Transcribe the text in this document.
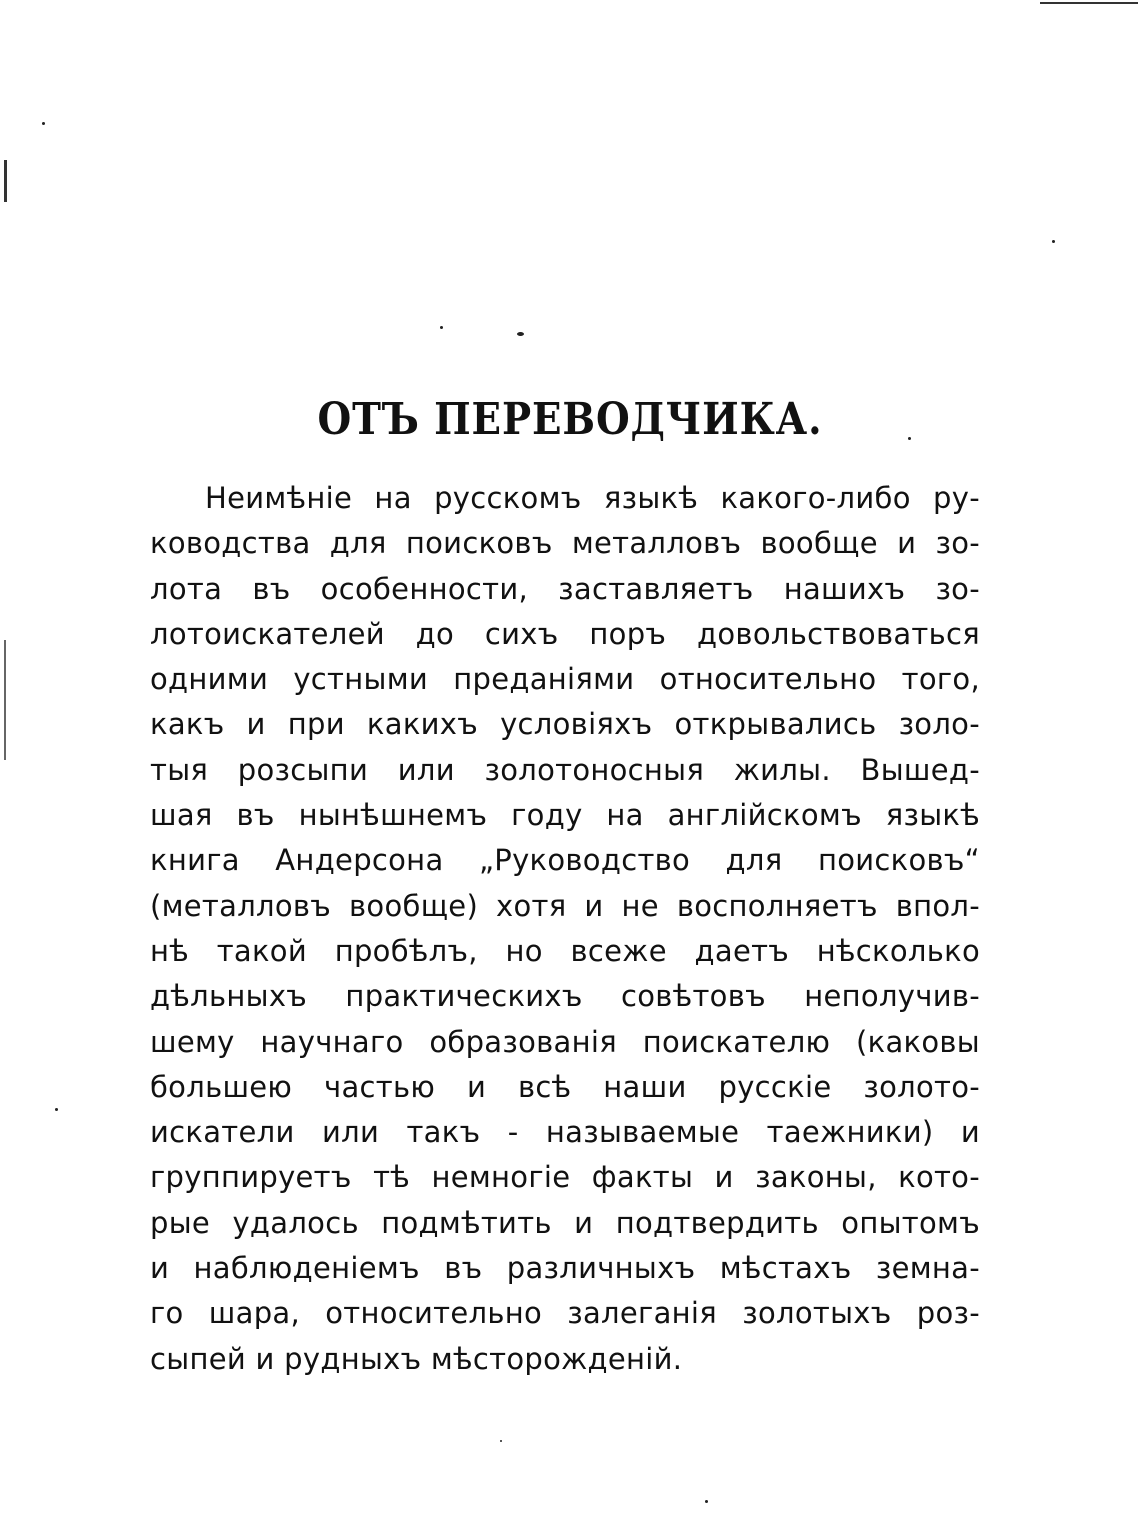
ОТЪ ПЕРЕВОДЧИКА.
Неимѣніе на русскомъ языкѣ какого-либо ру-
ководства для поисковъ металловъ вообще и зо-
лота въ особенности, заставляетъ нашихъ зо-
лотоискателей до сихъ поръ довольствоваться
одними устными преданіями относительно того,
какъ и при какихъ условіяхъ открывались золо-
тыя розсыпи или золотоносныя жилы. Вышед-
шая въ нынѣшнемъ году на англійскомъ языкѣ
книга Андерсона „Руководство для поисковъ“
(металловъ вообще) хотя и не восполняетъ впол-
нѣ такой пробѣлъ, но всеже даетъ нѣсколько
дѣльныхъ практическихъ совѣтовъ неполучив-
шему научнаго образованія поискателю (каковы
большею частью и всѣ наши русскіе золото-
искатели или такъ - называемые таежники) и
группируетъ тѣ немногіе факты и законы, кото-
рые удалось подмѣтить и подтвердить опытомъ
и наблюденіемъ въ различныхъ мѣстахъ земна-
го шара, относительно залеганія золотыхъ роз-
сыпей и рудныхъ мѣсторожденій.
